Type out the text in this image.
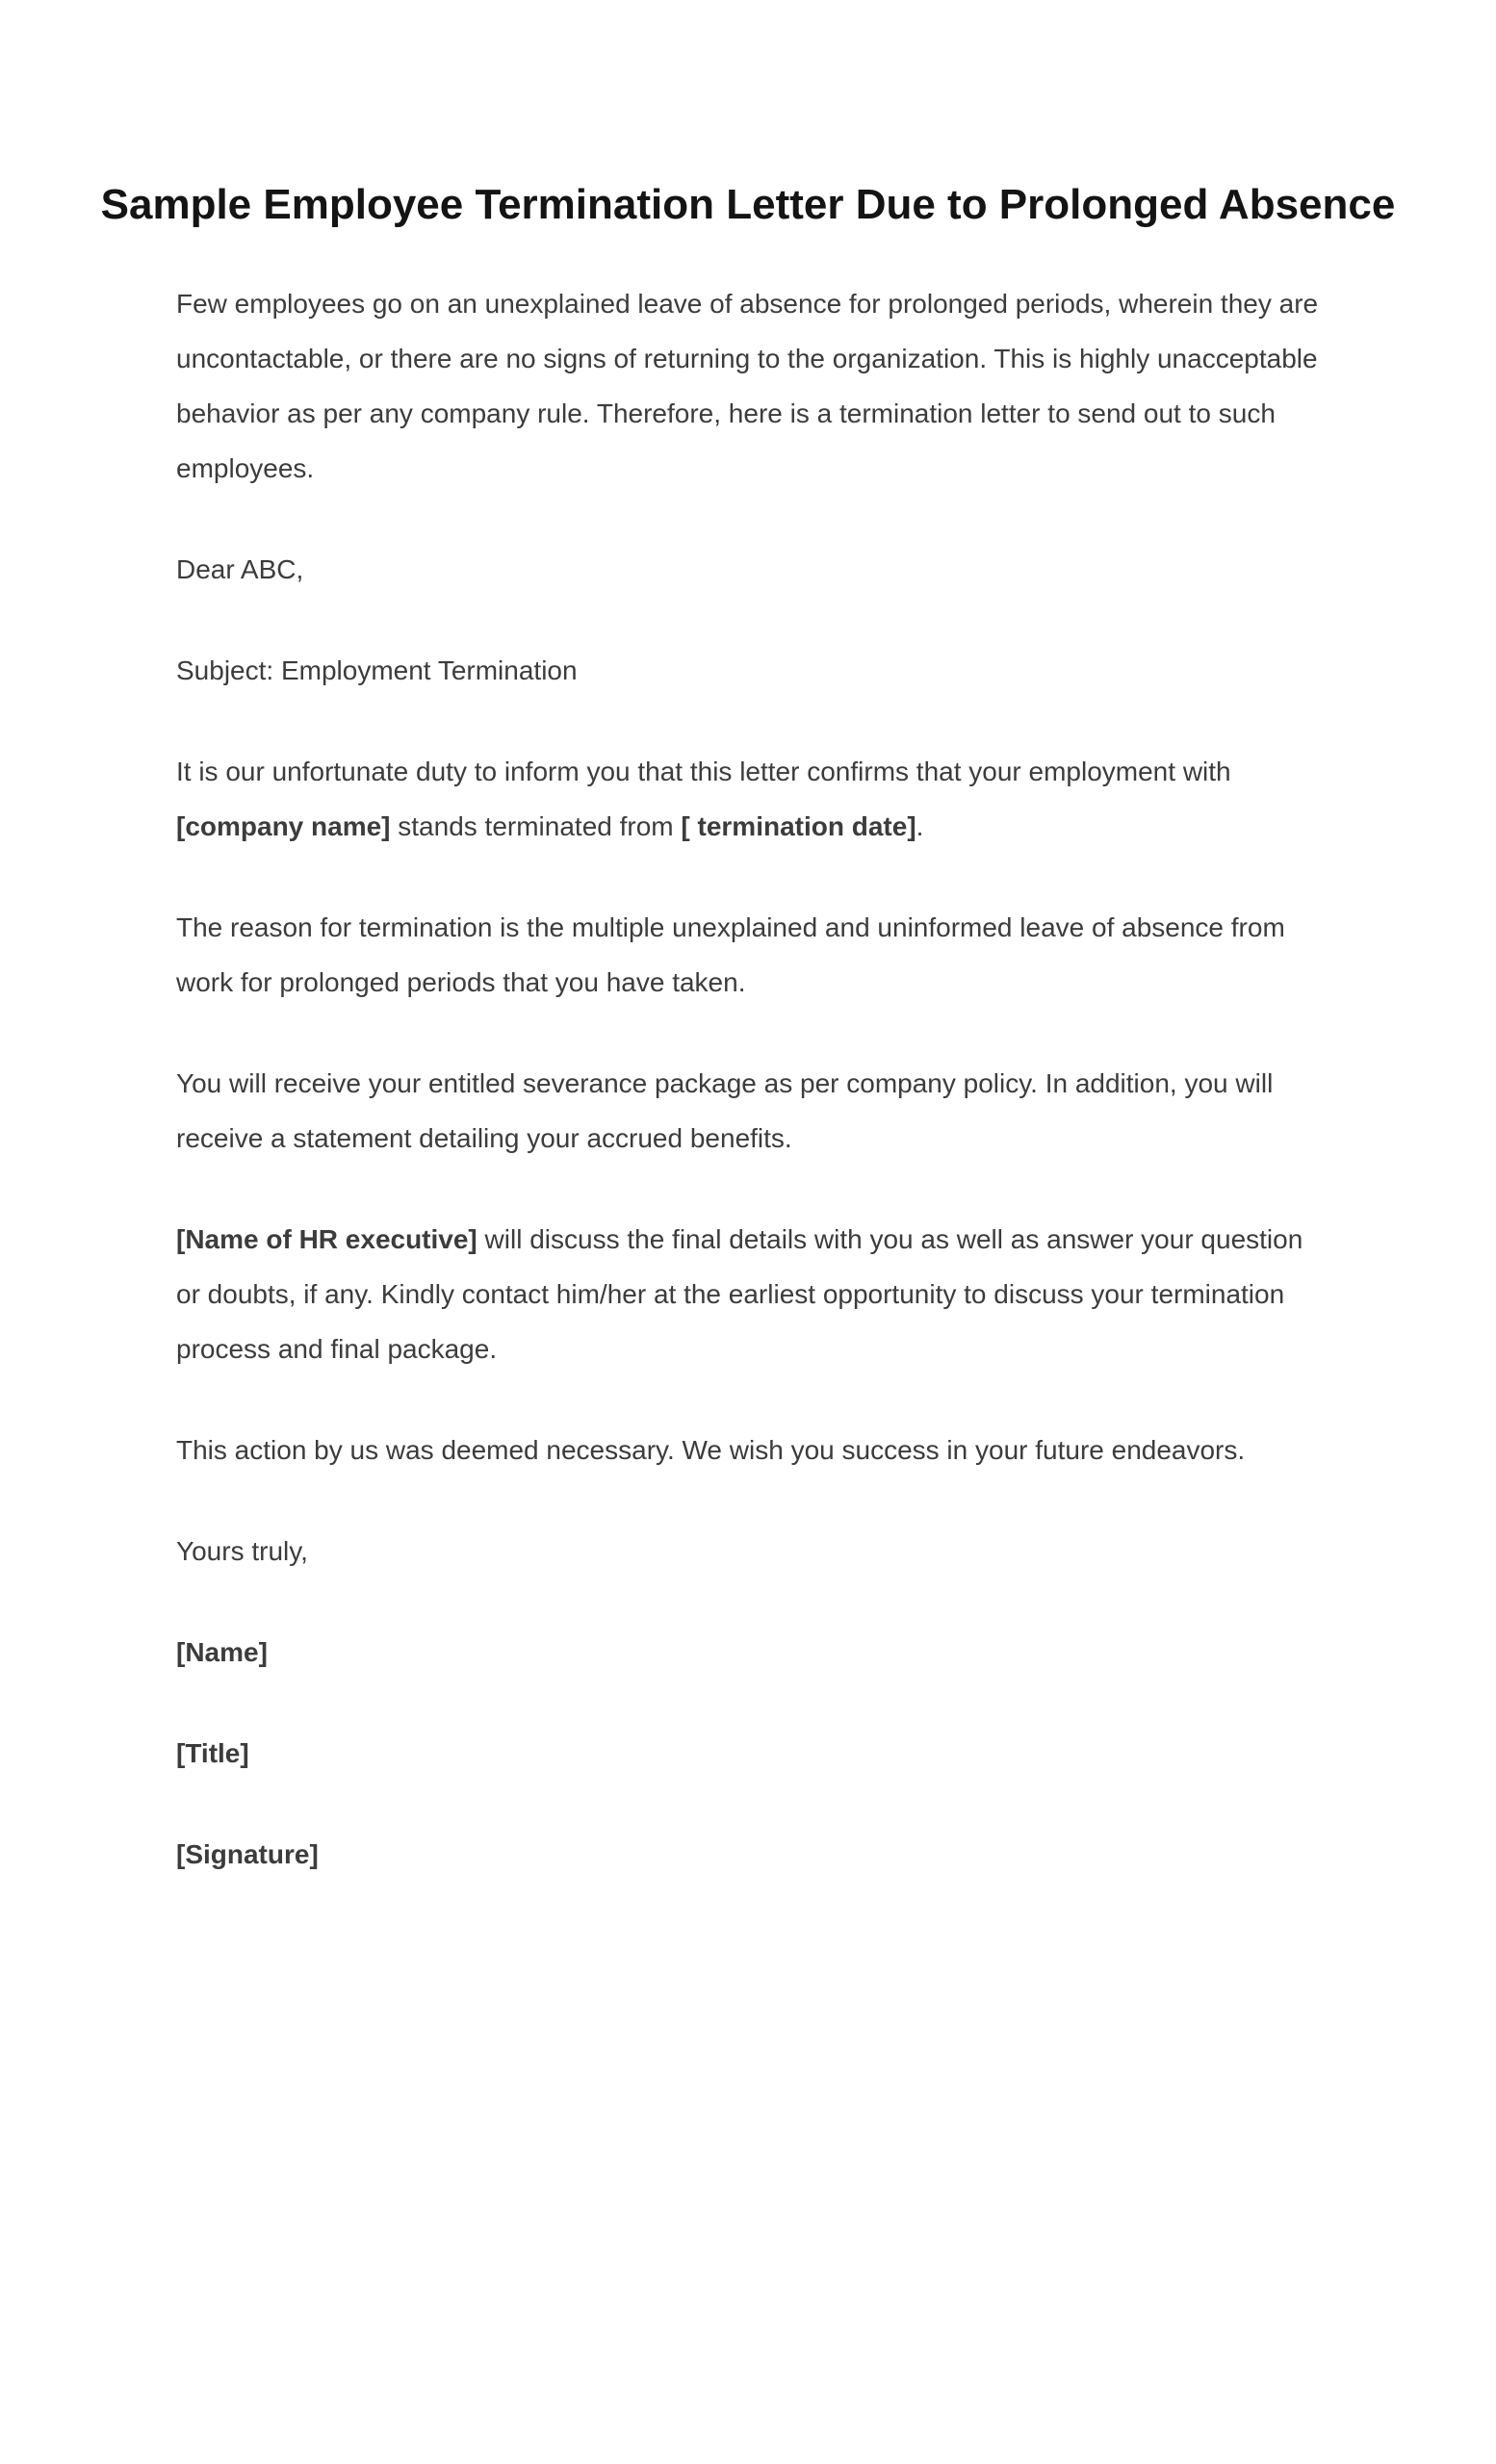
Sample Employee Termination Letter Due to Prolonged Absence

Few employees go on an unexplained leave of absence for prolonged periods, wherein they are uncontactable, or there are no signs of returning to the organization. This is highly unacceptable behavior as per any company rule. Therefore, here is a termination letter to send out to such employees.

Dear ABC,

Subject: Employment Termination

It is our unfortunate duty to inform you that this letter confirms that your employment with [company name] stands terminated from [ termination date].

The reason for termination is the multiple unexplained and uninformed leave of absence from work for prolonged periods that you have taken.

You will receive your entitled severance package as per company policy. In addition, you will receive a statement detailing your accrued benefits.

[Name of HR executive] will discuss the final details with you as well as answer your question or doubts, if any. Kindly contact him/her at the earliest opportunity to discuss your termination process and final package.

This action by us was deemed necessary. We wish you success in your future endeavors.

Yours truly,

[Name]

[Title]

[Signature]
